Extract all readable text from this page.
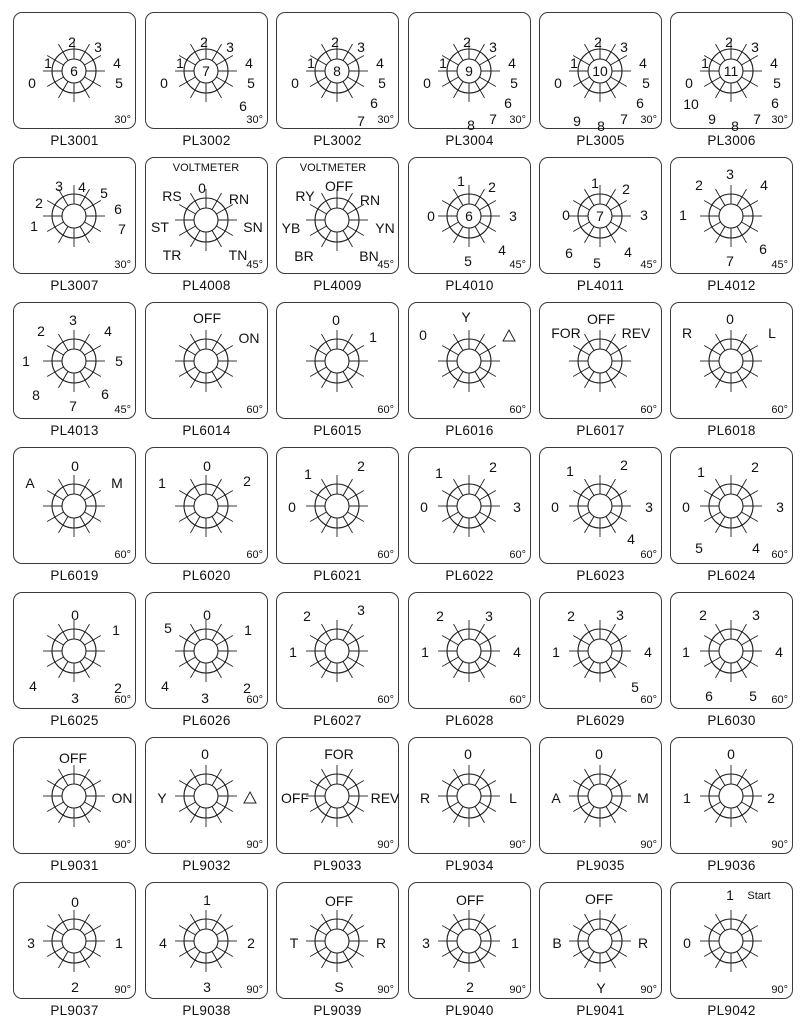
0
1
2 3
4
5
6
30°
PL3001
0
1
2 3
4
5
6
7
30°
PL3002
0
1
2 3
4
5
6
7
8
30°
PL3002
0
1
2 3
4
5
6
7
8
9
30°
PL3004
0
1
2 3
4
5
6
7
8
9
10
30°
PL3005
0
1
2 3
4
5
6
7
8
9
10
11
30°
PL3006
1
2
3 4 5
6
7
30°
PL3007
VOLTMETER
0
RN
SN
TN
TR
ST
RS
45°
PL4008
VOLTMETER
OFF
RN
YN
BN
BR
YB
RY
45°
PL4009
0
1 2
3
4
5
6
45°
PL4010
0
1 2
3
4
5
6
7
45°
PL4011
1
2
3
4
6
7	45°
PL4012
1
2
3
4
5
6
7
8
45°
PL4013
OFF
ON
60°
PL6014
0
1
60°
PL6015
0
Y
60°
PL6016
FOR
OFF
REV
60°
PL6017
R
0
L
60°
PL6018
A
0
M
60°
PL6019
1
0
2
60°
PL6020
0
1	2
60°
PL6021
0
1	2
3
60°
PL6022
0
1	2
3
4
60°
PL6023
0
1	2
3
4
5	60°
PL6024
0
1
2
3
4
60°
PL6025
0
1
2
3
4
5
60°
PL6026
1
2	3
60°
PL6027
1
2	3
4
60°
PL6028
1
2	3
4
5
60°
PL6029
1
2	3
4
5
6	60°
PL6030
OFF
ON
90°
PL9031
0
Y
90°
PL9032
FOR
OFF	REV
90°
PL9033
R
0
L
90°
PL9034
A
0
M
90°
PL9035
1
0
2
90°
PL9036
0
1
2
3
90°
PL9037
1
2
3
4
90°
PL9038
OFF
R
S
T
90°
PL9039
OFF
1
2
3
90°
PL9040
OFF
R
Y
B
90°
PL9041
0
1 Start
90°
PL9042
